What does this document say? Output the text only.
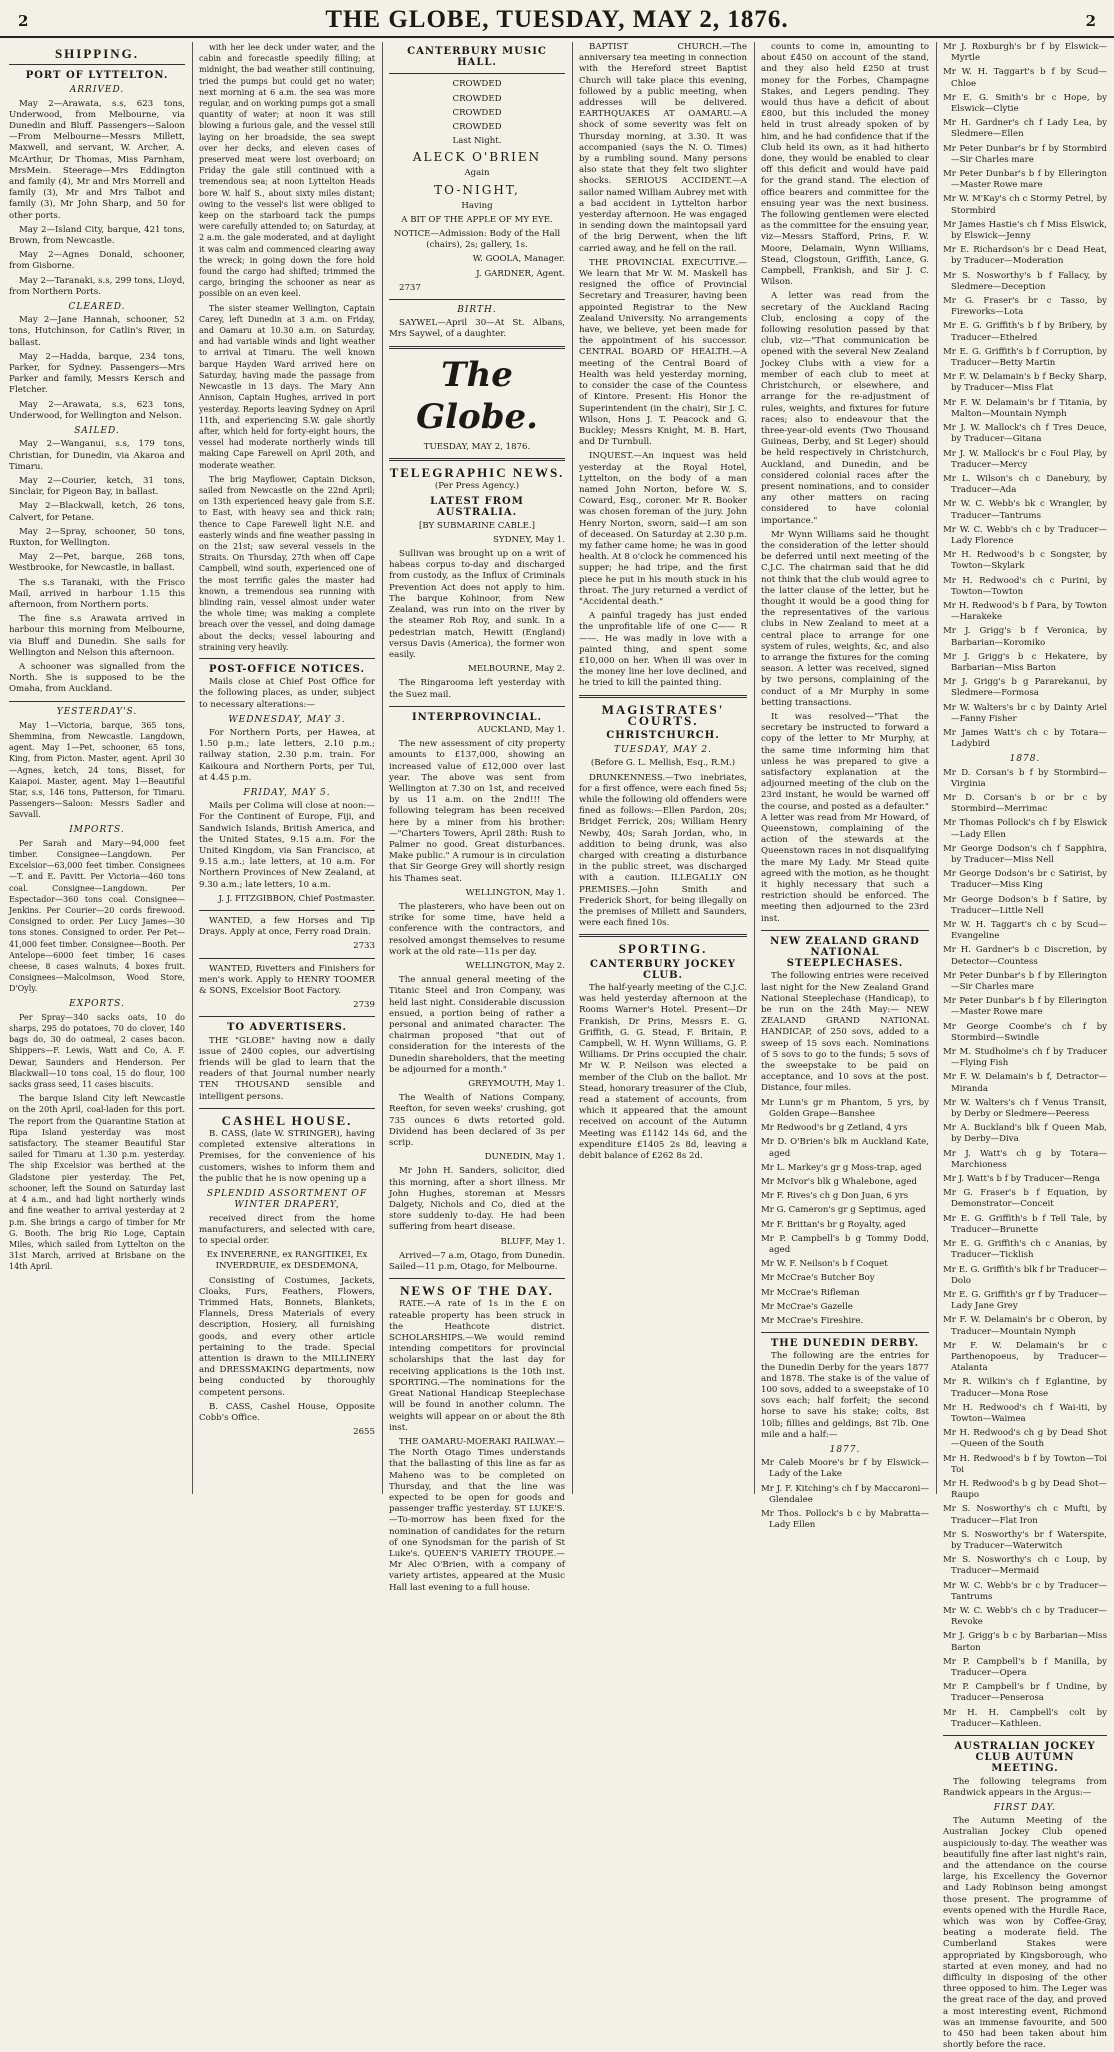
2	THE GLOBE, TUESDAY, MAY 2, 1876.	2
SHIPPING.
PORT OF LYTTELTON.
ARRIVED.

May 2—Arawata, s.s, 623 tons, Underwood, from Melbourne, via Dunedin and Bluff. Passengers—Saloon—From Melbourne—Messrs Millett, Maxwell, and servant, W. Archer, A. McArthur, Dr Thomas, Miss Parnham, MrsMein. Steerage—Mrs Eddington and family (4), Mr and Mrs Morrell and family (3), Mr and Mrs Talbot and family (3), Mr John Sharp, and 50 for other ports.

May 2—Island City, barque, 421 tons, Brown, from Newcastle.

May 2—Agnes Donald, schooner, from Gisborne.

May 2—Taranaki, s.s, 299 tons, Lloyd, from Northern Ports.

CLEARED.

May 2—Jane Hannah, schooner, 52 tons, Hutchinson, for Catlin's River, in ballast.

May 2—Hadda, barque, 234 tons, Parker, for Sydney. Passengers—Mrs Parker and family, Messrs Kersch and Fletcher.

May 2—Arawata, s.s, 623 tons, Underwood, for Wellington and Nelson.

SAILED.

May 2—Wanganui, s.s, 179 tons, Christian, for Dunedin, via Akaroa and Timaru.

May 2—Courier, ketch, 31 tons, Sinclair, for Pigeon Bay, in ballast.

May 2—Blackwall, ketch, 26 tons, Calvert, for Petane.

May 2—Spray, schooner, 50 tons, Ruxton, for Wellington.

May 2—Pet, barque, 268 tons, Westbrooke, for Newcastle, in ballast.

The s.s Taranaki, with the Frisco Mail, arrived in harbour 1.15 this afternoon, from Northern ports.

The fine s.s Arawata arrived in harbour this morning from Melbourne, via Bluff and Dunedin. She sails for Wellington and Nelson this afternoon.

A schooner was signalled from the North. She is supposed to be the Omaha, from Auckland.

YESTERDAY'S.

May 1—Victoria, barque, 365 tons, Shemmina, from Newcastle. Langdown, agent. May 1—Pet, schooner, 65 tons, King, from Picton. Master, agent. April 30—Agnes, ketch, 24 tons, Bisset, for Kaiapoi. Master, agent. May 1—Beautiful Star, s.s, 146 tons, Patterson, for Timaru. Passengers—Saloon: Messrs Sadler and Savvall.

IMPORTS.

Per Sarah and Mary—94,000 feet timber. Consignee—Langdown. Per Excelsior—63,000 feet timber. Consignees—T. and E. Pavitt. Per Victoria—460 tons coal. Consignee—Langdown. Per Espectador—360 tons coal. Consignee—Jenkins. Per Courier—20 cords firewood. Consigned to order. Per Lucy James—30 tons stones. Consigned to order. Per Pet—41,000 feet timber. Consignee—Booth. Per Antelope—6000 feet timber, 16 cases cheese, 8 cases walnuts, 4 boxes fruit. Consignees—Malcolmson, Wood Store, D'Oyly.

EXPORTS.

Per Spray—340 sacks oats, 10 do sharps, 295 do potatoes, 70 do clover, 140 bags do, 30 do oatmeal, 2 cases bacon. Shippers—F. Lewis, Watt and Co, A. F. Dewar, Saunders and Henderson. Per Blackwall—10 tons coal, 15 do flour, 100 sacks grass seed, 11 cases biscuits.

The barque Island City left Newcastle on the 20th April, coal-laden for this port. The report from the Quarantine Station at Ripa Island yesterday was most satisfactory. The steamer Beautiful Star sailed for Timaru at 1.30 p.m. yesterday. The ship Excelsior was berthed at the Gladstone pier yesterday. The Pet, schooner, left the Sound on Saturday last at 4 a.m., and had light northerly winds and fine weather to arrival yesterday at 2 p.m. She brings a cargo of timber for Mr G. Booth. The brig Rio Loge, Captain Miles, which sailed from Lyttelton on the 31st March, arrived at Brisbane on the 14th April.

with her lee deck under water, and the cabin and forecastle speedily filling; at midnight, the bad weather still continuing, tried the pumps but could get no water; next morning at 6 a.m. the sea was more regular, and on working pumps got a small quantity of water; at noon it was still blowing a furious gale, and the vessel still laying on her broadside, the sea swept over her decks, and eleven cases of preserved meat were lost overboard; on Friday the gale still continued with a tremendous sea; at noon Lyttelton Heads bore W. half S., about sixty miles distant; owing to the vessel's list were obliged to keep on the starboard tack the pumps were carefully attended to; on Saturday, at 2 a.m. the gale moderated, and at daylight it was calm and commenced clearing away the wreck; in going down the fore hold found the cargo had shifted; trimmed the cargo, bringing the schooner as near as possible on an even keel.

The sister steamer Wellington, Captain Carey, left Dunedin at 3 a.m. on Friday, and Oamaru at 10.30 a.m. on Saturday, and had variable winds and light weather to arrival at Timaru. The well known barque Hayden Ward arrived here on Saturday, having made the passage from Newcastle in 13 days. The Mary Ann Annison, Captain Hughes, arrived in port yesterday. Reports leaving Sydney on April 11th, and experiencing S.W. gale shortly after, which held for forty-eight hours, the vessel had moderate northerly winds till making Cape Farewell on April 20th, and moderate weather.

The brig Mayflower, Captain Dickson, sailed from Newcastle on the 22nd April; on 13th experienced heavy gale from S.E. to East, with heavy sea and thick rain; thence to Cape Farewell light N.E. and easterly winds and fine weather passing in on the 21st; saw several vessels in the Straits. On Thursday, 27th when off Cape Campbell, wind south, experienced one of the most terrific gales the master had known, a tremendous sea running with blinding rain, vessel almost under water the whole time; was making a complete breach over the vessel, and doing damage about the decks; vessel labouring and straining very heavily.

POST-OFFICE NOTICES.

Mails close at Chief Post Office for the following places, as under, subject to necessary alterations:—

WEDNESDAY, MAY 3.

For Northern Ports, per Hawea, at 1.50 p.m.; late letters, 2.10 p.m.; railway station, 2.30 p.m. train. For Kaikoura and Northern Ports, per Tui, at 4.45 p.m.

FRIDAY, MAY 5.

Mails per Colima will close at noon:— For the Continent of Europe, Fiji, and Sandwich Islands, British America, and the United States, 9.15 a.m. For the United Kingdom, via San Francisco, at 9.15 a.m.; late letters, at 10 a.m. For Northern Provinces of New Zealand, at 9.30 a.m.; late letters, 10 a.m.

J. J. FITZGIBBON, Chief Postmaster.

WANTED, a few Horses and Tip Drays. Apply at once, Ferry road Drain.

2733

WANTED, Rivetters and Finishers for men's work. Apply to HENRY TOOMER & SONS, Excelsior Boot Factory.

2739

TO ADVERTISERS.

THE "GLOBE" having now a daily issue of 2400 copies, our advertising friends will be glad to learn that the readers of that Journal number nearly TEN THOUSAND sensible and intelligent persons.

CASHEL HOUSE.

B. CASS, (late W. STRINGER), having completed extensive alterations in Premises, for the convenience of his customers, wishes to inform them and the public that he is now opening up a

SPLENDID ASSORTMENT OF WINTER DRAPERY,

received direct from the home manufacturers, and selected with care, to special order.

Ex INVERERNE, ex RANGITIKEI, Ex INVERDRUIE, ex DESDEMONA,

Consisting of Costumes, Jackets, Cloaks, Furs, Feathers, Flowers, Trimmed Hats, Bonnets, Blankets, Flannels, Dress Materials of every description, Hosiery, all furnishing goods, and every other article pertaining to the trade. Special attention is drawn to the MILLINERY and DRESSMAKING departments, now being conducted by thoroughly competent persons.

B. CASS, Cashel House, Opposite Cobb's Office.

2655

CANTERBURY MUSIC HALL.

CROWDED

CROWDED

CROWDED

CROWDED

Last Night.

ALECK O'BRIEN

Again

TO-NIGHT,

Having

A BIT OF THE APPLE OF MY EYE.

NOTICE—Admission: Body of the Hall (chairs), 2s; gallery, 1s.

W. GOOLA, Manager.

J. GARDNER, Agent.

2737

BIRTH.

SAYWEL—April 30—At St. Albans, Mrs Saywel, of a daughter.

The Globe.

TUESDAY, MAY 2, 1876.

TELEGRAPHIC NEWS.

(Per Press Agency.)

LATEST FROM AUSTRALIA.

[BY SUBMARINE CABLE.]

SYDNEY, May 1.

Sullivan was brought up on a writ of habeas corpus to-day and discharged from custody, as the Influx of Criminals Prevention Act does not apply to him. The barque Kohinoor, from New Zealand, was run into on the river by the steamer Rob Roy, and sunk. In a pedestrian match, Hewitt (England) versus Davis (America), the former won easily.

MELBOURNE, May 2.

The Ringarooma left yesterday with the Suez mail.

INTERPROVINCIAL.

AUCKLAND, May 1.

The new assessment of city property amounts to £137,000, showing an increased value of £12,000 over last year. The above was sent from Wellington at 7.30 on 1st, and received by us 11 a.m. on the 2nd!!! The following telegram has been received here by a miner from his brother:—"Charters Towers, April 28th: Rush to Palmer no good. Great disturbances. Make public." A rumour is in circulation that Sir George Grey will shortly resign his Thames seat.

WELLINGTON, May 1.

The plasterers, who have been out on strike for some time, have held a conference with the contractors, and resolved amongst themselves to resume work at the old rate—11s per day.

WELLINGTON, May 2.

The annual general meeting of the Titanic Steel and Iron Company, was held last night. Considerable discussion ensued, a portion being of rather a personal and animated character. The chairman proposed "that out of consideration for the interests of the Dunedin shareholders, that the meeting be adjourned for a month."

GREYMOUTH, May 1.

The Wealth of Nations Company, Reefton, for seven weeks' crushing, got 735 ounces 6 dwts retorted gold. Dividend has been declared of 3s per scrip.

DUNEDIN, May 1.

Mr John H. Sanders, solicitor, died this morning, after a short illness. Mr John Hughes, storeman at Messrs Dalgety, Nichols and Co, died at the store suddenly to-day. He had been suffering from heart disease.

BLUFF, May 1.

Arrived—7 a.m, Otago, from Dunedin. Sailed—11 p.m, Otago, for Melbourne.

NEWS OF THE DAY.

RATE.—A rate of 1s in the £ on rateable property has been struck in the Heathcote district. SCHOLARSHIPS.—We would remind intending competitors for provincial scholarships that the last day for receiving applications is the 10th inst. SPORTING.—The nominations for the Great National Handicap Steeplechase will be found in another column. The weights will appear on or about the 8th inst.

THE OAMARU-MOERAKI RAILWAY.—The North Otago Times understands that the ballasting of this line as far as Maheno was to be completed on Thursday, and that the line was expected to be open for goods and passenger traffic yesterday. ST LUKE'S.—To-morrow has been fixed for the nomination of candidates for the return of one Synodsman for the parish of St Luke's. QUEEN'S VARIETY TROUPE.—Mr Alec O'Brien, with a company of variety artistes, appeared at the Music Hall last evening to a full house.

BAPTIST CHURCH.—The anniversary tea meeting in connection with the Hereford street Baptist Church will take place this evening, followed by a public meeting, when addresses will be delivered. EARTHQUAKES AT OAMARU.—A shock of some severity was felt on Thursday morning, at 3.30. It was accompanied (says the N. O. Times) by a rumbling sound. Many persons also state that they felt two slighter shocks. SERIOUS ACCIDENT.—A sailor named William Aubrey met with a bad accident in Lyttelton harbor yesterday afternoon. He was engaged in sending down the maintopsail yard of the brig Derwent, when the lift carried away, and he fell on the rail.

THE PROVINCIAL EXECUTIVE.—We learn that Mr W. M. Maskell has resigned the office of Provincial Secretary and Treasurer, having been appointed Registrar to the New Zealand University. No arrangements have, we believe, yet been made for the appointment of his successor. CENTRAL BOARD OF HEALTH.—A meeting of the Central Board of Health was held yesterday morning, to consider the case of the Countess of Kintore. Present: His Honor the Superintendent (in the chair), Sir J. C. Wilson, Hons J. T. Peacock and G. Buckley; Messrs Knight, M. B. Hart, and Dr Turnbull.

INQUEST.—An inquest was held yesterday at the Royal Hotel, Lyttelton, on the body of a man named John Norton, before W. S. Coward, Esq., coroner. Mr R. Booker was chosen foreman of the jury. John Henry Norton, sworn, said—I am son of deceased. On Saturday at 2.30 p.m. my father came home; he was in good health. At 8 o'clock he commenced his supper; he had tripe, and the first piece he put in his mouth stuck in his throat. The jury returned a verdict of "Accidental death."

A painful tragedy has just ended the unprofitable life of one C—— R——. He was madly in love with a painted thing, and spent some £10,000 on her. When ill was over in the money line her love declined, and he tried to kill the painted thing.

MAGISTRATES' COURTS.
CHRISTCHURCH.
TUESDAY, MAY 2.

(Before G. L. Mellish, Esq., R.M.)

DRUNKENNESS.—Two inebriates, for a first offence, were each fined 5s; while the following old offenders were fined as follows:—Ellen Pardon, 20s; Bridget Ferrick, 20s; William Henry Newby, 40s; Sarah Jordan, who, in addition to being drunk, was also charged with creating a disturbance in the public street, was discharged with a caution. ILLEGALLY ON PREMISES.—John Smith and Frederick Short, for being illegally on the premises of Millett and Saunders, were each fined 10s.

SPORTING.
CANTERBURY JOCKEY CLUB.

The half-yearly meeting of the C.J.C. was held yesterday afternoon at the Rooms Warner's Hotel. Present—Dr Frankish, Dr Prins, Messrs E. G. Griffith, G. G. Stead, F. Britain, P. Campbell, W. H. Wynn Williams, G. P. Williams. Dr Prins occupied the chair. Mr W. P. Neilson was elected a member of the Club on the ballot. Mr Stead, honorary treasurer of the Club, read a statement of accounts, from which it appeared that the amount received on account of the Autumn Meeting was £1142 14s 6d, and the expenditure £1405 2s 8d, leaving a debit balance of £262 8s 2d.

counts to come in, amounting to about £450 on account of the stand, and they also held £250 at trust money for the Forbes, Champagne Stakes, and Legers pending. They would thus have a deficit of about £800, but this included the money held in trust already spoken of by him, and he had confidence that if the Club held its own, as it had hitherto done, they would be enabled to clear off this deficit and would have paid for the grand stand. The election of office bearers and committee for the ensuing year was the next business. The following gentlemen were elected as the committee for the ensuing year, viz—Messrs Stafford, Prins, F. W. Moore, Delamain, Wynn Williams, Stead, Clogstoun, Griffith, Lance, G. Campbell, Frankish, and Sir J. C. Wilson.

A letter was read from the secretary of the Auckland Racing Club, enclosing a copy of the following resolution passed by that club, viz—"That communication be opened with the several New Zealand Jockey Clubs with a view for a member of each club to meet at Christchurch, or elsewhere, and arrange for the re-adjustment of rules, weights, and fixtures for future races; also to endeavour that the three-year-old events (Two Thousand Guineas, Derby, and St Leger) should be held respectively in Christchurch, Auckland, and Dunedin, and be considered colonial races after the present nominations, and to consider any other matters on racing considered to have colonial importance."

Mr Wynn Williams said he thought the consideration of the letter should be deferred until next meeting of the C.J.C. The chairman said that he did not think that the club would agree to the latter clause of the letter, but he thought it would be a good thing for the representatives of the various clubs in New Zealand to meet at a central place to arrange for one system of rules, weights, &c, and also to arrange the fixtures for the coming season. A letter was received, signed by two persons, complaining of the conduct of a Mr Murphy in some betting transactions.

It was resolved—"That the secretary be instructed to forward a copy of the letter to Mr Murphy, at the same time informing him that unless he was prepared to give a satisfactory explanation at the adjourned meeting of the club on the 23rd instant, he would be warned off the course, and posted as a defaulter." A letter was read from Mr Howard, of Queenstown, complaining of the action of the stewards at the Queenstown races in not disqualifying the mare My Lady. Mr Stead quite agreed with the motion, as he thought it highly necessary that such a restriction should be enforced. The meeting then adjourned to the 23rd inst.

NEW ZEALAND GRAND NATIONAL STEEPLECHASES.

The following entries were received last night for the New Zealand Grand National Steeplechase (Handicap), to be run on the 24th May:— NEW ZEALAND GRAND NATIONAL HANDICAP, of 250 sovs, added to a sweep of 15 sovs each. Nominations of 5 sovs to go to the funds; 5 sovs of the sweepstake to be paid on acceptance, and 10 sovs at the post. Distance, four miles.

Mr Lunn's gr m Phantom, 5 yrs, by Golden Grape—Banshee

Mr Redwood's br g Zetland, 4 yrs

Mr D. O'Brien's blk m Auckland Kate, aged

Mr L. Markey's gr g Moss-trap, aged

Mr McIvor's blk g Whalebone, aged

Mr F. Rives's ch g Don Juan, 6 yrs

Mr G. Cameron's gr g Septimus, aged

Mr F. Brittan's br g Royalty, aged

Mr P. Campbell's b g Tommy Dodd, aged

Mr W. F. Neilson's b f Coquet

Mr McCrae's Butcher Boy

Mr McCrae's Rifleman

Mr McCrae's Gazelle

Mr McCrae's Fireshire.

THE DUNEDIN DERBY.

The following are the entries for the Dunedin Derby for the years 1877 and 1878. The stake is of the value of 100 sovs, added to a sweepstake of 10 sovs each; half forfeit; the second horse to save his stake; colts, 8st 10lb; fillies and geldings, 8st 7lb. One mile and a half:—

1877.

Mr Caleb Moore's br f by Elswick—Lady of the Lake

Mr J. F. Kitching's ch f by Maccaroni—Glendalee

Mr Thos. Pollock's b c by Mabratta—Lady Ellen

Mr J. Roxburgh's br f by Elswick—Myrtle

Mr W. H. Taggart's b f by Scud—Chloe

Mr E. G. Smith's br c Hope, by Elswick—Clytie

Mr H. Gardner's ch f Lady Lea, by Sledmere—Ellen

Mr Peter Dunbar's br f by Stormbird—Sir Charles mare

Mr Peter Dunbar's b f by Ellerington—Master Rowe mare

Mr W. M'Kay's ch c Stormy Petrel, by Stormbird

Mr James Hastie's ch f Miss Elswick, by Elswick—Jenny

Mr E. Richardson's br c Dead Heat, by Traducer—Moderation

Mr S. Nosworthy's b f Fallacy, by Sledmere—Deception

Mr G. Fraser's br c Tasso, by Fireworks—Lota

Mr E. G. Griffith's b f by Bribery, by Traducer—Ethelred

Mr E. G. Griffith's b f Corruption, by Traducer—Betty Martin

Mr F. W. Delamain's b f Becky Sharp, by Traducer—Miss Flat

Mr F. W. Delamain's br f Titania, by Malton—Mountain Nymph

Mr J. W. Mallock's ch f Tres Deuce, by Traducer—Gitana

Mr J. W. Mallock's br c Foul Play, by Traducer—Mercy

Mr L. Wilson's ch c Danebury, by Traducer—Ada

Mr W. C. Webb's bk c Wrangler, by Traducer—Tantrums

Mr W. C. Webb's ch c by Traducer—Lady Florence

Mr H. Redwood's b c Songster, by Towton—Skylark

Mr H. Redwood's ch c Purini, by Towton—Towton

Mr H. Redwood's b f Para, by Towton—Harakeke

Mr J. Grigg's b f Veronica, by Barbarian—Koromiko

Mr J. Grigg's b c Hekatere, by Barbarian—Miss Barton

Mr J. Grigg's b g Pararekanui, by Sledmere—Formosa

Mr W. Walters's br c by Dainty Ariel—Fanny Fisher

Mr James Watt's ch c by Totara—Ladybird

1878.

Mr D. Corsan's b f by Stormbird—Virginia

Mr D. Corsan's b or br c by Stormbird—Merrimac

Mr Thomas Pollock's ch f by Elswick—Lady Ellen

Mr George Dodson's ch f Sapphira, by Traducer—Miss Nell

Mr George Dodson's br c Satirist, by Traducer—Miss King

Mr George Dodson's b f Satire, by Traducer—Little Nell

Mr W. H. Taggart's ch c by Scud—Evangeline

Mr H. Gardner's b c Discretion, by Detector—Countess

Mr Peter Dunbar's b f by Ellerington—Sir Charles mare

Mr Peter Dunbar's b f by Ellerington—Master Rowe mare

Mr George Coombe's ch f by Stormbird—Swindle

Mr M. Studholme's ch f by Traducer—Flying Fish

Mr F. W. Delamain's b f, Detractor—Miranda

Mr W. Walters's ch f Venus Transit, by Derby or Sledmere—Peeress

Mr A. Buckland's blk f Queen Mab, by Derby—Diva

Mr J. Watt's ch g by Totara—Marchioness

Mr J. Watt's b f by Traducer—Renga

Mr G. Fraser's b f Equation, by Demonstrator—Conceit

Mr E. G. Griffith's b f Tell Tale, by Traducer—Brunette

Mr E. G. Griffith's ch c Ananias, by Traducer—Ticklish

Mr E. G. Griffith's blk f br Traducer—Dolo

Mr E. G. Griffith's gr f by Traducer—Lady Jane Grey

Mr F. W. Delamain's br c Oberon, by Traducer—Mountain Nymph

Mr F. W. Delamain's br c Parthenopoeus, by Traducer—Atalanta

Mr R. Wilkin's ch f Eglantine, by Traducer—Mona Rose

Mr H. Redwood's ch f Wai-iti, by Towton—Waimea

Mr H. Redwood's ch g by Dead Shot—Queen of the South

Mr H. Redwood's b f by Towton—Toi Toi

Mr H. Redwood's b g by Dead Shot—Raupo

Mr S. Nosworthy's ch c Mufti, by Traducer—Flat Iron

Mr S. Nosworthy's br f Waterspite, by Traducer—Waterwitch

Mr S. Nosworthy's ch c Loup, by Traducer—Mermaid

Mr W. C. Webb's br c by Traducer—Tantrums

Mr W. C. Webb's ch c by Traducer—Revoke

Mr J. Grigg's b c by Barbarian—Miss Barton

Mr P. Campbell's b f Manilla, by Traducer—Opera

Mr P. Campbell's br f Undine, by Traducer—Penserosa

Mr H. H. Campbell's colt by Traducer—Kathleen.

AUSTRALIAN JOCKEY CLUB AUTUMN MEETING.

The following telegrams from Randwick appears in the Argus:—

FIRST DAY.

The Autumn Meeting of the Australian Jockey Club opened auspiciously to-day. The weather was beautifully fine after last night's rain, and the attendance on the course large, his Excellency the Governor and Lady Robinson being amongst those present. The programme of events opened with the Hurdle Race, which was won by Coffee-Gray, beating a moderate field. The Cumberland Stakes were appropriated by Kingsborough, who started at even money, and had no difficulty in disposing of the other three opposed to him. The Leger was the great race of the day, and proved a most interesting event, Richmond was an immense favourite, and 500 to 450 had been taken about him shortly before the race.
